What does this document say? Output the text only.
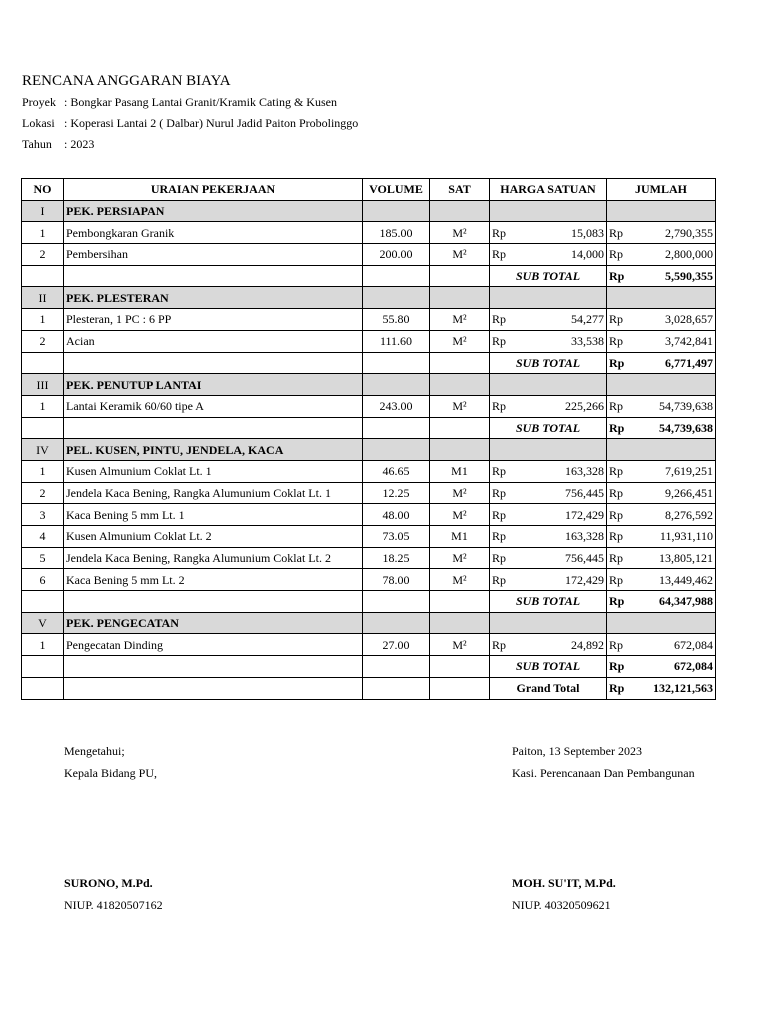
RENCANA ANGGARAN BIAYA
Proyek : Bongkar Pasang Lantai Granit/Kramik Cating & Kusen
Lokasi : Koperasi Lantai 2 ( Dalbar) Nurul Jadid Paiton Probolinggo
Tahun : 2023
NO	URAIAN PEKERJAAN	VOLUME	SAT	HARGA SATUAN	JUMLAH
I	PEK. PERSIAPAN				
1	Pembongkaran Granik	185.00	M²	Rp 15,083	Rp 2,790,355

2	Pembersihan	200.00	M²	Rp 14,000	Rp 2,800,000

				SUB TOTAL	Rp 5,590,355

II	PEK. PLESTERAN				
1	Plesteran, 1 PC : 6 PP	55.80	M²	Rp 54,277	Rp 3,028,657

2	Acian	111.60	M²	Rp 33,538	Rp 3,742,841

				SUB TOTAL	Rp 6,771,497

III	PEK. PENUTUP LANTAI				
1	Lantai Keramik 60/60 tipe A	243.00	M²	Rp 225,266	Rp 54,739,638

				SUB TOTAL	Rp 54,739,638

IV	PEL. KUSEN, PINTU, JENDELA, KACA				
1	Kusen Almunium Coklat Lt. 1	46.65	M1	Rp 163,328	Rp 7,619,251

2	Jendela Kaca Bening, Rangka Alumunium Coklat Lt. 1	12.25	M²	Rp 756,445	Rp 9,266,451

3	Kaca Bening 5 mm Lt. 1	48.00	M²	Rp 172,429	Rp 8,276,592

4	Kusen Almunium Coklat Lt. 2	73.05	M1	Rp 163,328	Rp 11,931,110

5	Jendela Kaca Bening, Rangka Alumunium Coklat Lt. 2	18.25	M²	Rp 756,445	Rp 13,805,121

6	Kaca Bening 5 mm Lt. 2	78.00	M²	Rp 172,429	Rp 13,449,462

				SUB TOTAL	Rp 64,347,988

V	PEK. PENGECATAN				
1	Pengecatan Dinding	27.00	M²	Rp 24,892	Rp 672,084

				SUB TOTAL	Rp 672,084

				Grand Total	Rp 132,121,563
Mengetahui;
Kepala Bidang PU,
SURONO, M.Pd.
NIUP. 41820507162
Paiton, 13 September 2023
Kasi. Perencanaan Dan Pembangunan
MOH. SU'IT, M.Pd.
NIUP. 40320509621
